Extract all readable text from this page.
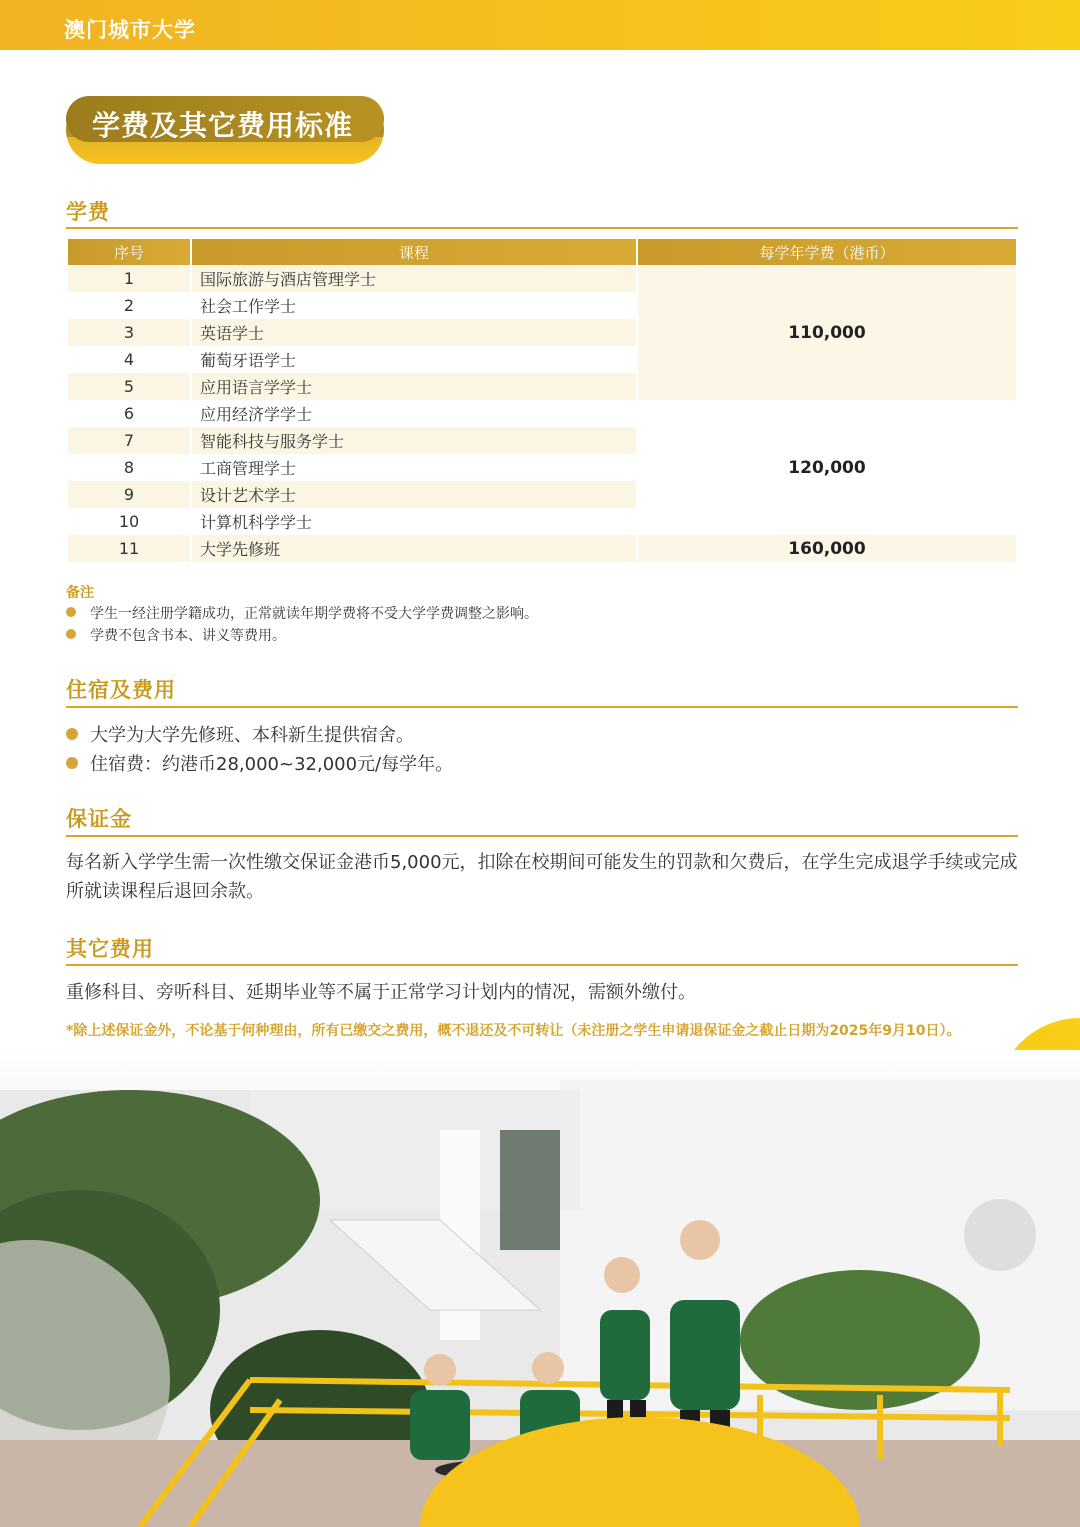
澳门城市大学
学费及其它费用标准
学费
序号	课程	每学年学费（港币）
1	国际旅游与酒店管理学士	110,000
2	社会工作学士	
3	英语学士	
4	葡萄牙语学士	
5	应用语言学学士	
6	应用经济学学士	120,000
7	智能科技与服务学士	
8	工商管理学士	
9	设计艺术学士	
10	计算机科学学士	
11	大学先修班	160,000
备注
学生一经注册学籍成功，正常就读年期学费将不受大学学费调整之影响。
学费不包含书本、讲义等费用。
住宿及费用
大学为大学先修班、本科新生提供宿舍。
住宿费：约港币28,000~32,000元/每学年。
保证金
每名新入学学生需一次性缴交保证金港币5,000元，扣除在校期间可能发生的罚款和欠费后，在学生完成退学手续或完成所就读课程后退回余款。
其它费用
重修科目、旁听科目、延期毕业等不属于正常学习计划内的情况，需额外缴付。
*除上述保证金外，不论基于何种理由，所有已缴交之费用，概不退还及不可转让（未注册之学生申请退保证金之截止日期为2025年9月10日）。
